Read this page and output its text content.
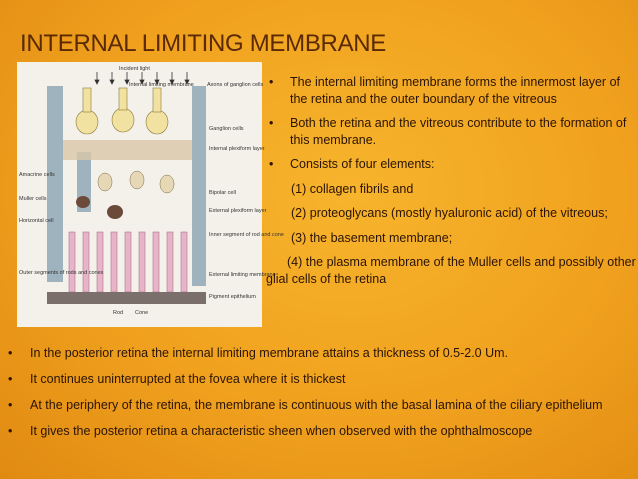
INTERNAL LIMITING MEMBRANE
Incident light
Internal limiting membrane Axons of ganglion cells
Ganglion cells
Internal plexiform layer
Amacrine cells
Muller cells
Horizontal cell
Bipolar cell
External plexiform layer
Inner segment of rod and cone
Outer segments of rods and cones	External limiting membrane
Pigment epithelium
Rod Cone
• The internal limiting membrane forms the innermost layer of the retina and the outer boundary of the vitreous
• Both the retina and the vitreous contribute to the formation of this membrane.
• Consists of four elements:
(1) collagen fibrils and
(2) proteoglycans (mostly hyaluronic acid) of the vitreous;
(3) the basement membrane;
(4) the plasma membrane of the Muller cells and possibly other glial cells of the retina
• In the posterior retina the internal limiting membrane attains a thickness of 0.5-2.0 Um.
• It continues uninterrupted at the fovea where it is thickest
• At the periphery of the retina, the membrane is continuous with the basal lamina of the ciliary epithelium
• It gives the posterior retina a characteristic sheen when observed with the ophthalmoscope
